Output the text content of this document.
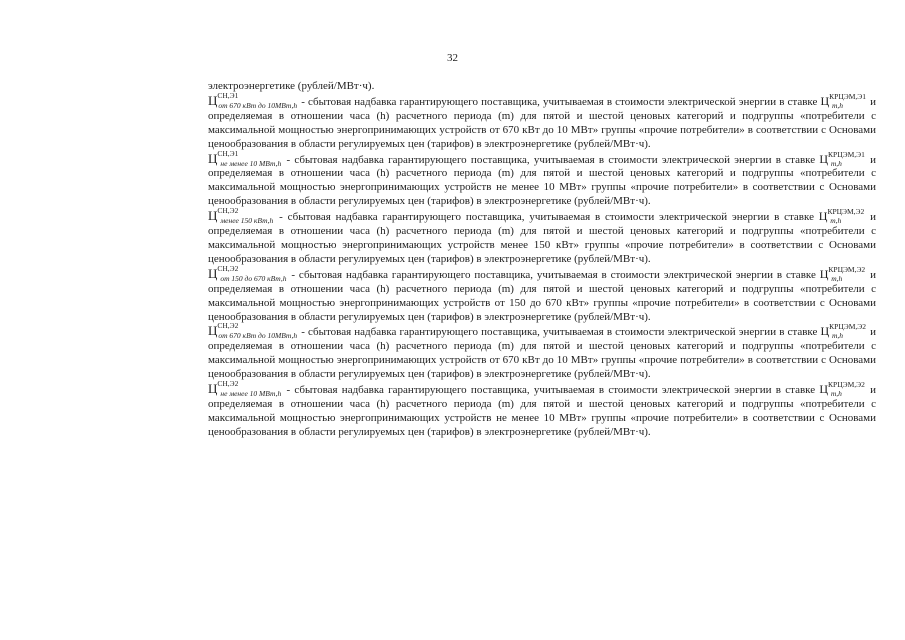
32

электроэнергетике (рублей/МВт·ч).

$Ц^{СН,Э1}_{от 670 кВт до 10МВт,h}$ - сбытовая надбавка гарантирующего поставщика, учитываемая в стоимости электрической энергии в ставке $Ц^{КРЦЭМ,Э1}_{m,h}$ и определяемая в отношении часа (h) расчетного периода (m) для пятой и шестой ценовых категорий и подгруппы «потребители с максимальной мощностью энергопринимающих устройств от 670 кВт до 10 МВт» группы «прочие потребители» в соответствии с Основами ценообразования в области регулируемых цен (тарифов) в электроэнергетике (рублей/МВт·ч).

$Ц^{СН,Э1}_{не менее 10 МВт,h}$ - сбытовая надбавка гарантирующего поставщика, учитываемая в стоимости электрической энергии в ставке $Ц^{КРЦЭМ,Э1}_{m,h}$	и определяемая в отношении часа (h) расчетного периода (m) для пятой и шестой ценовых категорий и подгруппы «потребители с максимальной мощностью энергопринимающих устройств не менее 10 МВт» группы «прочие потребители» в соответствии с Основами ценообразования в области регулируемых цен (тарифов) в электроэнергетике (рублей/МВт·ч).

$Ц^{СН,Э2}_{менее 150 кВт,h}$ - сбытовая надбавка гарантирующего поставщика, учитываемая в стоимости электрической энергии в ставке $Ц^{КРЦЭМ,Э2}_{m,h}$	и определяемая в отношении часа (h) расчетного периода (m) для пятой и шестой ценовых категорий и подгруппы «потребители с максимальной мощностью энергопринимающих устройств менее 150 кВт» группы «прочие потребители» в соответствии с Основами ценообразования в области регулируемых цен (тарифов) в электроэнергетике (рублей/МВт·ч).

$Ц^{СН,Э2}_{от 150 до 670 кВт,h}$ - сбытовая надбавка гарантирующего поставщика, учитываемая в стоимости электрической энергии в ставке $Ц^{КРЦЭМ,Э2}_{m,h}$	и определяемая в отношении часа (h) расчетного периода (m) для пятой и шестой ценовых категорий и подгруппы «потребители с максимальной мощностью энергопринимающих устройств от 150 до 670 кВт» группы «прочие потребители» в соответствии с Основами ценообразования в области регулируемых цен (тарифов) в электроэнергетике (рублей/МВт·ч).

$Ц^{СН,Э2}_{от 670 кВт до 10МВт,h}$ - сбытовая надбавка гарантирующего поставщика, учитываемая в стоимости электрической энергии в ставке $Ц^{КРЦЭМ,Э2}_{m,h}$ и определяемая в отношении часа (h) расчетного периода (m) для пятой и шестой ценовых категорий и подгруппы «потребители с максимальной мощностью энергопринимающих устройств от 670 кВт до 10 МВт» группы «прочие потребители» в соответствии с Основами ценообразования в области регулируемых цен (тарифов) в электроэнергетике (рублей/МВт·ч).

$Ц^{СН,Э2}_{не менее 10 МВт,h}$ - сбытовая надбавка гарантирующего поставщика, учитываемая в стоимости электрической энергии в ставке $Ц^{КРЦЭМ,Э2}_{m,h}$	и определяемая в отношении часа (h) расчетного периода (m) для пятой и шестой ценовых категорий и подгруппы «потребители с максимальной мощностью энергопринимающих устройств не менее 10 МВт» группы «прочие потребители» в соответствии с Основами ценообразования в области регулируемых цен (тарифов) в электроэнергетике (рублей/МВт·ч).
